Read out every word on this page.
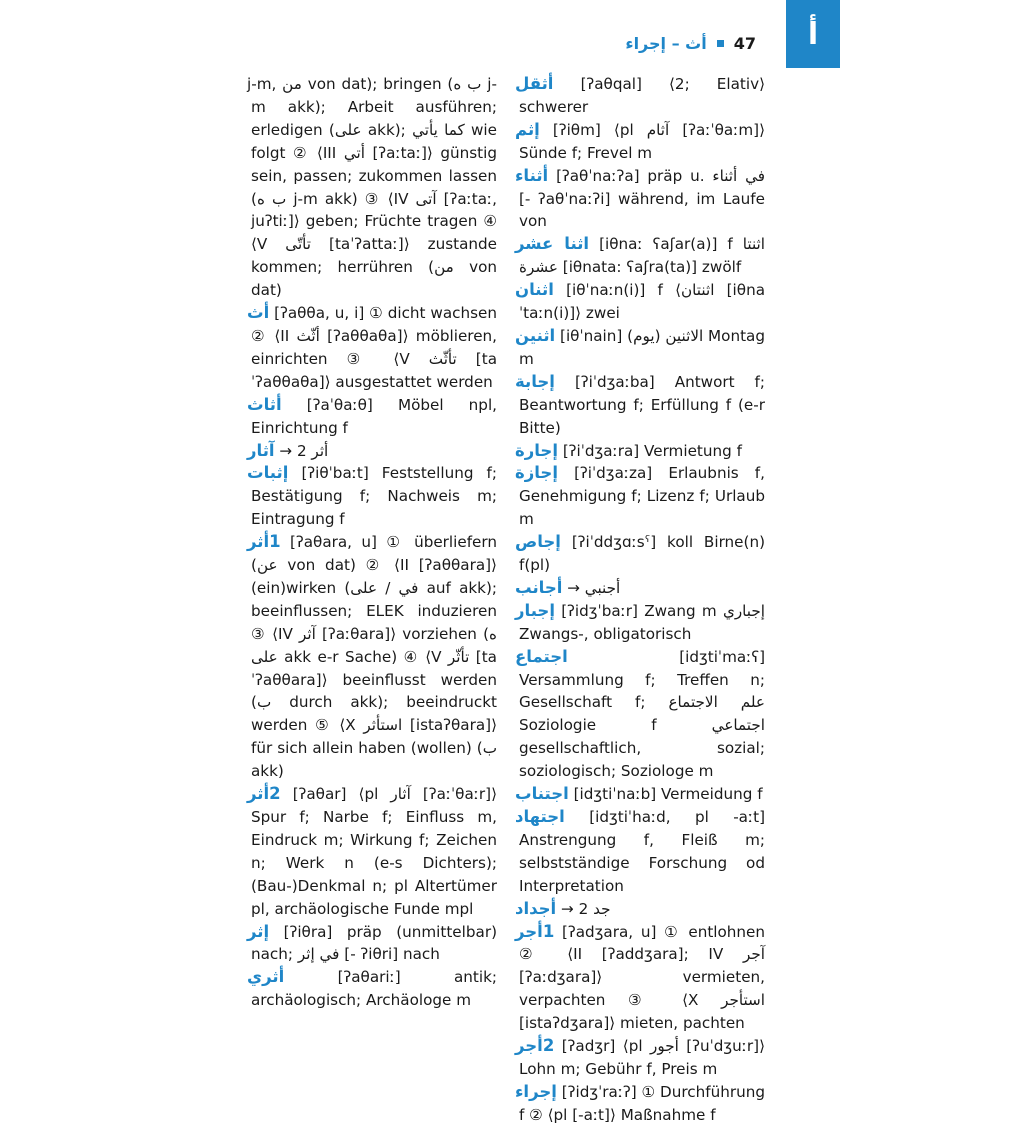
أ
أث – إجراء 47

j-m, من von dat); bringen (ب ه j-m akk); Arbeit ausführen; erledigen (على akk); كما يأتي wie folgt ② ⟨III أتي [ʔaːtaː]⟩ günstig sein, passen; zukommen lassen (ب ه j-m akk) ③ ⟨IV آتى [ʔaːtaː, juʔtiː]⟩ geben; Früchte tragen ④ ⟨V تأتّى [taˈʔattaː]⟩ zustande kommen; herrühren (من von dat)

أث [ʔaθθa, u, i] ① dicht wachsen ② ⟨II أثّث [ʔaθθaθa]⟩ möblieren, einrichten ③ ⟨V تأثّث [taˈʔaθθaθa]⟩ ausgestattet werden

أثاث [ʔaˈθaːθ] Möbel npl, Einrichtung f

آثار → أثر 2

إثبات [ʔiθˈbaːt] Feststellung f; Bestätigung f; Nachweis m; Eintragung f

1أثر [ʔaθara, u] ① überliefern (عن von dat) ② ⟨II [ʔaθθara]⟩ (ein)wirken (في / على auf akk); beeinflussen; ELEK induzieren ③ ⟨IV آثر [ʔaːθara]⟩ vorziehen (ه على akk e-r Sache) ④ ⟨V تأثّر [taˈʔaθθara]⟩ beeinflusst werden (ب durch akk); beeindruckt werden ⑤ ⟨X استأثر [istaʔθara]⟩ für sich allein haben (wollen) (ب akk)

2أثر [ʔaθar] ⟨pl آثار [ʔaːˈθaːr]⟩ Spur f; Narbe f; Einfluss m, Eindruck m; Wirkung f; Zeichen n; Werk n (e-s Dichters); (Bau-)Denkmal n; pl Altertümer pl, archäologische Funde mpl

إثر [ʔiθra] präp (unmittelbar) nach; في إثر [- ʔiθri] nach

أثري	[ʔaθariː] antik; archäologisch; Archäologe m

أثقل [ʔaθqal] ⟨2; Elativ⟩ schwerer

إثم [ʔiθm] ⟨pl آثام [ʔaːˈθaːm]⟩ Sünde f; Frevel m

أثناء [ʔaθˈnaːʔa] präp u. في أثناء [- ʔaθˈnaːʔi] während, im Laufe von

اثنا عشر [iθnaː ʕaʃar(a)] f اثنتا عشرة [iθnata: ʕaʃra(ta)] zwölf

اثنان [iθˈnaːn(i)] f ⟨اثنتان [iθnaˈtaːn(i)]⟩ zwei

اثنين [iθˈnain] (يوم) الاثنين Montag m

إجابة [ʔiˈdʒaːba] Antwort f; Beantwortung f; Erfüllung f (e-r Bitte)

إجارة [ʔiˈdʒaːra] Vermietung f

إجازة [ʔiˈdʒaːza] Erlaubnis f, Genehmigung f; Lizenz f; Urlaub m

إجاص [ʔiˈddʒɑːsˤ] koll Birne(n) f(pl)

أجانب → أجنبي

إجبار [ʔidʒˈbaːr] Zwang m إجباري Zwangs-, obligatorisch

اجتماع	[idʒtiˈmaːʕ] Versammlung f; Treffen n; Gesellschaft f; علم الاجتماع Soziologie f اجتماعي gesellschaftlich, sozial; soziologisch; Soziologe m

اجتناب [idʒtiˈnaːb] Vermeidung f

اجتهاد [idʒtiˈhaːd, pl -aːt] Anstrengung f, Fleiß m; selbstständige Forschung od Interpretation

أجداد → جد 2

1أجر [ʔadʒara, u] ① entlohnen ② ⟨II [ʔaddʒara]; IV آجر [ʔaːdʒara]⟩ vermieten, verpachten ③ ⟨X استأجر [istaʔdʒara]⟩ mieten, pachten

2أجر [ʔadʒr] ⟨pl أجور [ʔuˈdʒuːr]⟩ Lohn m; Gebühr f, Preis m

إجراء [ʔidʒˈraːʔ] ① Durchführung f ② ⟨pl [-aːt]⟩ Maßnahme f
